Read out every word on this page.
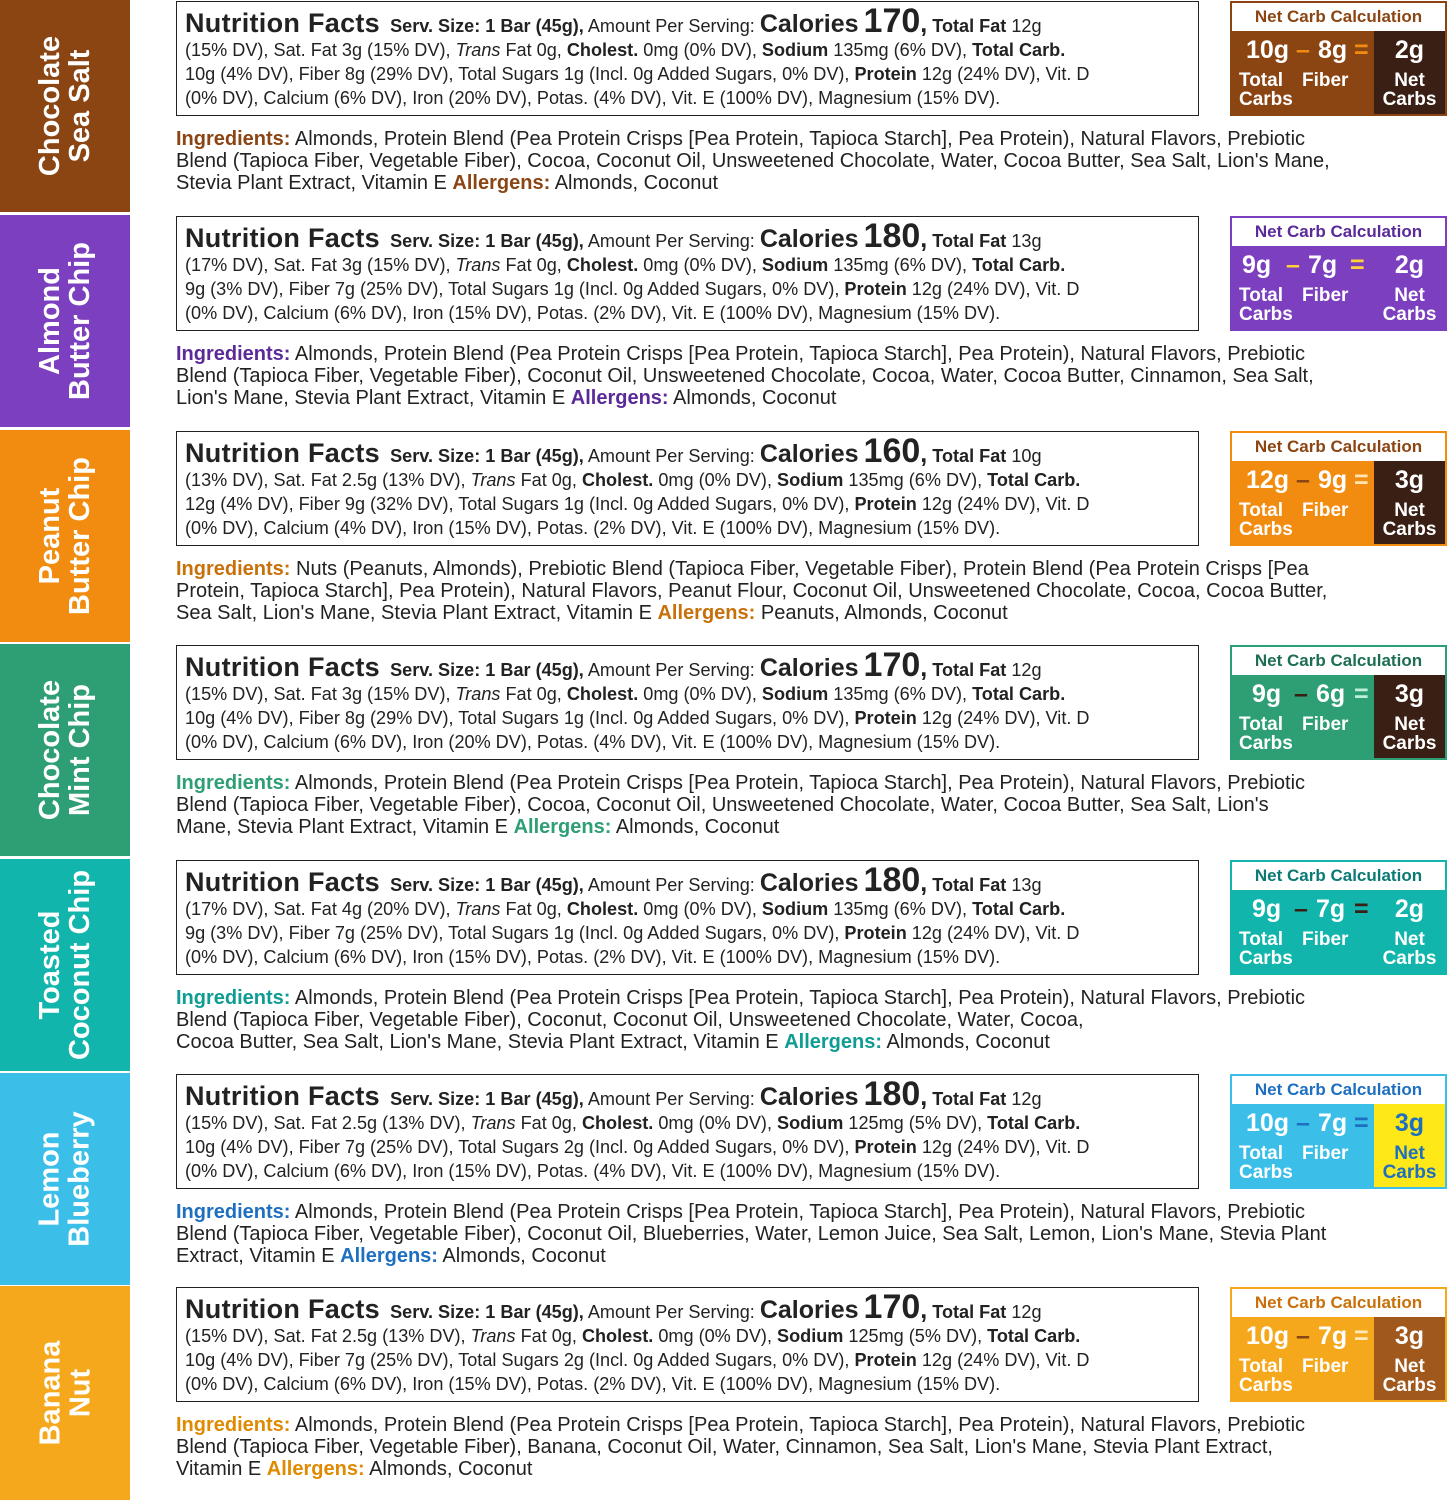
Chocolate
Sea Salt
Nutrition Facts Serv. Size: 1 Bar (45g), Amount Per Serving: Calories 170, Total Fat 12g
(15% DV), Sat. Fat 3g (15% DV), Trans Fat 0g, Cholest. 0mg (0% DV), Sodium 135mg (6% DV), Total Carb.
10g (4% DV), Fiber 8g (29% DV), Total Sugars 1g (Incl. 0g Added Sugars, 0% DV), Protein 12g (24% DV), Vit. D
(0% DV), Calcium (6% DV), Iron (20% DV), Potas. (4% DV), Vit. E (100% DV), Magnesium (15% DV).
Net Carb Calculation
10g – 8g =
Total
Carbs
Fiber
2g
Net
Carbs
Ingredients: Almonds, Protein Blend (Pea Protein Crisps [Pea Protein, Tapioca Starch], Pea Protein), Natural Flavors, Prebiotic
Blend (Tapioca Fiber, Vegetable Fiber), Cocoa, Coconut Oil, Unsweetened Chocolate, Water, Cocoa Butter, Sea Salt, Lion's Mane,
Stevia Plant Extract, Vitamin E Allergens: Almonds, Coconut
Almond
Butter Chip
Nutrition Facts Serv. Size: 1 Bar (45g), Amount Per Serving: Calories 180, Total Fat 13g
(17% DV), Sat. Fat 3g (15% DV), Trans Fat 0g, Cholest. 0mg (0% DV), Sodium 135mg (6% DV), Total Carb.
9g (3% DV), Fiber 7g (25% DV), Total Sugars 1g (Incl. 0g Added Sugars, 0% DV), Protein 12g (24% DV), Vit. D
(0% DV), Calcium (6% DV), Iron (15% DV), Potas. (2% DV), Vit. E (100% DV), Magnesium (15% DV).
Net Carb Calculation
9g – 7g =
Total
Carbs
Fiber
2g
Net
Carbs
Ingredients: Almonds, Protein Blend (Pea Protein Crisps [Pea Protein, Tapioca Starch], Pea Protein), Natural Flavors, Prebiotic
Blend (Tapioca Fiber, Vegetable Fiber), Coconut Oil, Unsweetened Chocolate, Cocoa, Water, Cocoa Butter, Cinnamon, Sea Salt,
Lion's Mane, Stevia Plant Extract, Vitamin E Allergens: Almonds, Coconut
Peanut
Butter Chip
Nutrition Facts Serv. Size: 1 Bar (45g), Amount Per Serving: Calories 160, Total Fat 10g
(13% DV), Sat. Fat 2.5g (13% DV), Trans Fat 0g, Cholest. 0mg (0% DV), Sodium 135mg (6% DV), Total Carb.
12g (4% DV), Fiber 9g (32% DV), Total Sugars 1g (Incl. 0g Added Sugars, 0% DV), Protein 12g (24% DV), Vit. D
(0% DV), Calcium (4% DV), Iron (15% DV), Potas. (2% DV), Vit. E (100% DV), Magnesium (15% DV).
Net Carb Calculation
12g – 9g =
Total
Carbs
Fiber
3g
Net
Carbs
Ingredients: Nuts (Peanuts, Almonds), Prebiotic Blend (Tapioca Fiber, Vegetable Fiber), Protein Blend (Pea Protein Crisps [Pea
Protein, Tapioca Starch], Pea Protein), Natural Flavors, Peanut Flour, Coconut Oil, Unsweetened Chocolate, Cocoa, Cocoa Butter,
Sea Salt, Lion's Mane, Stevia Plant Extract, Vitamin E Allergens: Peanuts, Almonds, Coconut
Chocolate
Mint Chip
Nutrition Facts Serv. Size: 1 Bar (45g), Amount Per Serving: Calories 170, Total Fat 12g
(15% DV), Sat. Fat 3g (15% DV), Trans Fat 0g, Cholest. 0mg (0% DV), Sodium 135mg (6% DV), Total Carb.
10g (4% DV), Fiber 8g (29% DV), Total Sugars 1g (Incl. 0g Added Sugars, 0% DV), Protein 12g (24% DV), Vit. D
(0% DV), Calcium (6% DV), Iron (20% DV), Potas. (4% DV), Vit. E (100% DV), Magnesium (15% DV).
Net Carb Calculation
9g – 6g =
Total
Carbs
Fiber
3g
Net
Carbs
Ingredients: Almonds, Protein Blend (Pea Protein Crisps [Pea Protein, Tapioca Starch], Pea Protein), Natural Flavors, Prebiotic
Blend (Tapioca Fiber, Vegetable Fiber), Cocoa, Coconut Oil, Unsweetened Chocolate, Water, Cocoa Butter, Sea Salt, Lion's
Mane, Stevia Plant Extract, Vitamin E Allergens: Almonds, Coconut
Toasted
Coconut Chip	Nutrition Facts Serv. Size: 1 Bar (45g), Amount Per Serving: Calories 180, Total Fat 13g
(17% DV), Sat. Fat 4g (20% DV), Trans Fat 0g, Cholest. 0mg (0% DV), Sodium 135mg (6% DV), Total Carb.
9g (3% DV), Fiber 7g (25% DV), Total Sugars 1g (Incl. 0g Added Sugars, 0% DV), Protein 12g (24% DV), Vit. D
(0% DV), Calcium (6% DV), Iron (15% DV), Potas. (2% DV), Vit. E (100% DV), Magnesium (15% DV).
Net Carb Calculation
9g – 7g =
Total
Carbs
Fiber
2g
Net
Carbs
Ingredients: Almonds, Protein Blend (Pea Protein Crisps [Pea Protein, Tapioca Starch], Pea Protein), Natural Flavors, Prebiotic
Blend (Tapioca Fiber, Vegetable Fiber), Coconut, Coconut Oil, Unsweetened Chocolate, Water, Cocoa,
Cocoa Butter, Sea Salt, Lion's Mane, Stevia Plant Extract, Vitamin E Allergens: Almonds, Coconut
Lemon
Blueberry
Nutrition Facts Serv. Size: 1 Bar (45g), Amount Per Serving: Calories 180, Total Fat 12g
(15% DV), Sat. Fat 2.5g (13% DV), Trans Fat 0g, Cholest. 0mg (0% DV), Sodium 125mg (5% DV), Total Carb.
10g (4% DV), Fiber 7g (25% DV), Total Sugars 2g (Incl. 0g Added Sugars, 0% DV), Protein 12g (24% DV), Vit. D
(0% DV), Calcium (6% DV), Iron (15% DV), Potas. (4% DV), Vit. E (100% DV), Magnesium (15% DV).
Net Carb Calculation
10g – 7g =
Total
Carbs
Fiber
3g
Net
Carbs
Ingredients: Almonds, Protein Blend (Pea Protein Crisps [Pea Protein, Tapioca Starch], Pea Protein), Natural Flavors, Prebiotic
Blend (Tapioca Fiber, Vegetable Fiber), Coconut Oil, Blueberries, Water, Lemon Juice, Sea Salt, Lemon, Lion's Mane, Stevia Plant
Extract, Vitamin E Allergens: Almonds, Coconut
Banana
Nut
Nutrition Facts Serv. Size: 1 Bar (45g), Amount Per Serving: Calories 170, Total Fat 12g
(15% DV), Sat. Fat 2.5g (13% DV), Trans Fat 0g, Cholest. 0mg (0% DV), Sodium 125mg (5% DV), Total Carb.
10g (4% DV), Fiber 7g (25% DV), Total Sugars 2g (Incl. 0g Added Sugars, 0% DV), Protein 12g (24% DV), Vit. D
(0% DV), Calcium (6% DV), Iron (15% DV), Potas. (2% DV), Vit. E (100% DV), Magnesium (15% DV).
Net Carb Calculation
10g – 7g =
Total
Carbs
Fiber
3g
Net
Carbs
Ingredients: Almonds, Protein Blend (Pea Protein Crisps [Pea Protein, Tapioca Starch], Pea Protein), Natural Flavors, Prebiotic
Blend (Tapioca Fiber, Vegetable Fiber), Banana, Coconut Oil, Water, Cinnamon, Sea Salt, Lion's Mane, Stevia Plant Extract,
Vitamin E Allergens: Almonds, Coconut
